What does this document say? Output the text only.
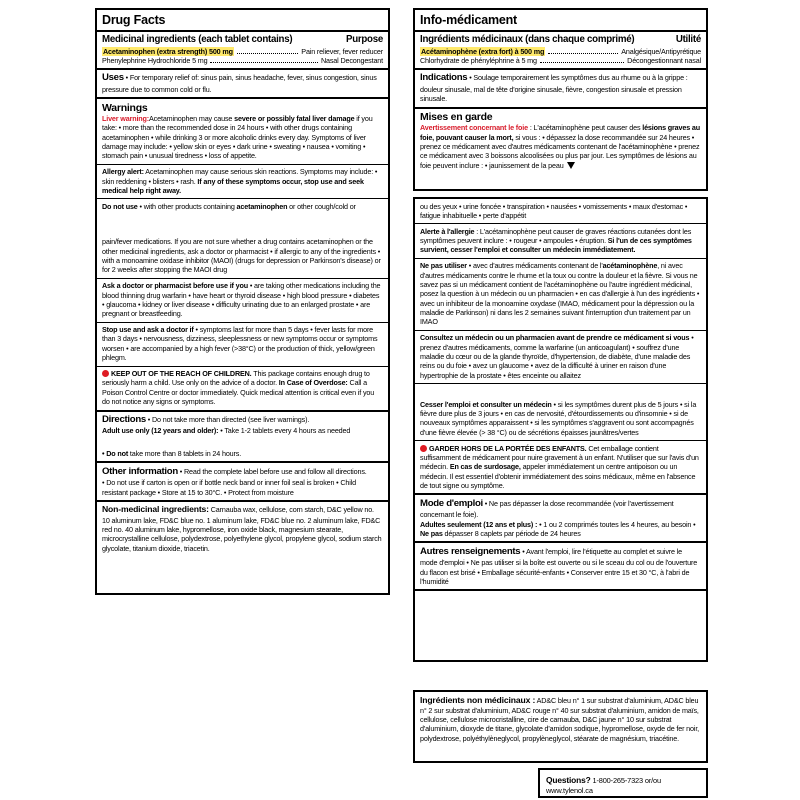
Drug Facts
Medicinal ingredients (each tablet contains)	Purpose
Acetaminophen (extra strength) 500 mg	Pain reliever, fever reducer
Phenylephrine Hydrochloride 5 mg	Nasal Decongestant
Uses • For temporary relief of: sinus pain, sinus headache, fever, sinus congestion, sinus pressure due to common cold or flu.
Warnings
Liver warning:Acetaminophen may cause severe or possibly fatal liver damage if you take: • more than the recommended dose in 24 hours • with other drugs containing acetaminophen • while drinking 3 or more alcoholic drinks every day. Symptoms of liver damage may include: • yellow skin or eyes • dark urine • sweating • nausea • vomiting • stomach pain • unusual tiredness • loss of appetite.
Allergy alert: Acetaminophen may cause serious skin reactions. Symptoms may include: • skin reddening • blisters • rash. If any of these symptoms occur, stop use and seek medical help right away.
Do not use • with other products containing acetaminophen or other cough/cold or
pain/fever medications. If you are not sure whether a drug contains acetaminophen or the other medicinal ingredients, ask a doctor or pharmacist • if allergic to any of the ingredients • with a monoamine oxidase inhibitor (MAOI) (drugs for depression or Parkinson's disease) or for 2 weeks after stopping the MAOI drug
Ask a doctor or pharmacist before use if you • are taking other medications including the blood thinning drug warfarin • have heart or thyroid disease • high blood pressure • diabetes • glaucoma • kidney or liver disease • difficulty urinating due to an enlarged prostate • are pregnant or breastfeeding.
Stop use and ask a doctor if • symptoms last for more than 5 days • fever lasts for more than 3 days • nervousness, dizziness, sleeplessness or new symptoms occur or symptoms worsen • are accompanied by a high fever (>38°C) or the production of thick, yellow/green phlegm.
KEEP OUT OF THE REACH OF CHILDREN. This package contains enough drug to seriously harm a child. Use only on the advice of a doctor. In Case of Overdose: Call a Poison Control Centre or doctor immediately. Quick medical attention is critical even if you do not notice any signs or symptoms.
Directions • Do not take more than directed (see liver warnings).
Adult use only (12 years and older): • Take 1-2 tablets every 4 hours as needed
• Do not take more than 8 tablets in 24 hours.
Other information • Read the complete label before use and follow all directions.
• Do not use if carton is open or if bottle neck band or inner foil seal is broken • Child resistant package • Store at 15 to 30°C. • Protect from moisture
Non-medicinal ingredients: Carnauba wax, cellulose, corn starch, D&C yellow no. 10 aluminum lake, FD&C blue no. 1 aluminum lake, FD&C blue no. 2 aluminum lake, FD&C red no. 40 aluminum lake, hypromellose, iron oxide black, magnesium stearate, microcrystalline cellulose, polydextrose, polyethylene glycol, propylene glycol, sodium starch glycolate, titanium dioxide, triacetin.
Info-médicament
Ingrédients médicinaux (dans chaque comprimé)	Utilité
Acétaminophène (extra fort) à 500 mg	Analgésique/Antipyrétique
Chlorhydrate de phényléphrine à 5 mg	Décongestionnant nasal
Indications • Soulage temporairement les symptômes dus au rhume ou à la grippe : douleur sinusale, mal de tête d'origine sinusale, fièvre, congestion sinusale et pression sinusale.
Mises en garde
Avertissement concernant le foie : L'acétaminophène peut causer des lésions graves au foie, pouvant causer la mort, si vous : • dépassez la dose recommandée sur 24 heures • prenez ce médicament avec d'autres médicaments contenant de l'acétaminophène • prenez ce médicament avec 3 boissons alcoolisées ou plus par jour. Les symptômes de lésions au foie peuvent inclure : • jaunissement de la peau
ou des yeux • urine foncée • transpiration • nausées • vomissements • maux d'estomac • fatigue inhabituelle • perte d'appétit
Alerte à l'allergie : L'acétaminophène peut causer de graves réactions cutanées dont les symptômes peuvent inclure : • rougeur • ampoules • éruption. Si l'un de ces symptômes survient, cesser l'emploi et consulter un médecin immédiatement.
Ne pas utiliser • avec d'autres médicaments contenant de l'acétaminophène, ni avec d'autres médicaments contre le rhume et la toux ou contre la douleur et la fièvre. Si vous ne savez pas si un médicament contient de l'acétaminophène ou l'autre ingrédient médicinal, posez la question à un médecin ou un pharmacien • en cas d'allergie à l'un des ingrédients • avec un inhibiteur de la monoamine oxydase (IMAO, médicament pour la dépression ou la maladie de Parkinson) ni dans les 2 semaines suivant l'interruption d'un traitement par un IMAO
Consultez un médecin ou un pharmacien avant de prendre ce médicament si vous • prenez d'autres médicaments, comme la warfarine (un anticoagulant) • souffrez d'une maladie du cœur ou de la glande thyroïde, d'hypertension, de diabète, d'une maladie des reins ou du foie • avez un glaucome • avez de la difficulté à uriner en raison d'une hypertrophie de la prostate • êtes enceinte ou allaitez
Cesser l'emploi et consulter un médecin • si les symptômes durent plus de 5 jours • si la fièvre dure plus de 3 jours • en cas de nervosité, d'étourdissements ou d'insomnie • si de nouveaux symptômes apparaissent • si les symptômes s'aggravent ou sont accompagnés d'une fièvre élevée (> 38 °C) ou de sécrétions épaisses jaunâtres/vertes
GARDER HORS DE LA PORTÉE DES ENFANTS. Cet emballage contient suffisamment de médicament pour nuire gravement à un enfant. N'utiliser que sur l'avis d'un médecin. En cas de surdosage, appeler immédiatement un centre antipoison ou un médecin. Il est essentiel d'obtenir immédiatement des soins médicaux, même en l'absence de tout signe ou symptôme.
Mode d'emploi • Ne pas dépasser la dose recommandée (voir l'avertissement concernant le foie).
Adultes seulement (12 ans et plus) : • 1 ou 2 comprimés toutes les 4 heures, au besoin • Ne pas dépasser 8 caplets par période de 24 heures
Autres renseignements • Avant l'emploi, lire l'étiquette au complet et suivre le mode d'emploi • Ne pas utiliser si la boîte est ouverte ou si le sceau du col ou de l'ouverture du flacon est brisé • Emballage sécurité-enfants • Conserver entre 15 et 30 °C, à l'abri de l'humidité
Ingrédients non médicinaux : AD&C bleu n° 1 sur substrat d'aluminium, AD&C bleu n° 2 sur substrat d'aluminium, AD&C rouge n° 40 sur substrat d'aluminium, amidon de maïs, cellulose, cellulose microcristalline, cire de carnauba, D&C jaune n° 10 sur substrat d'aluminium, dioxyde de titane, glycolate d'amidon sodique, hypromellose, oxyde de fer noir, polydextrose, polyéthylèneglycol, propylèneglycol, stéarate de magnésium, triacétine.
Questions? 1-800-265-7323 or/ou
www.tylenol.ca
